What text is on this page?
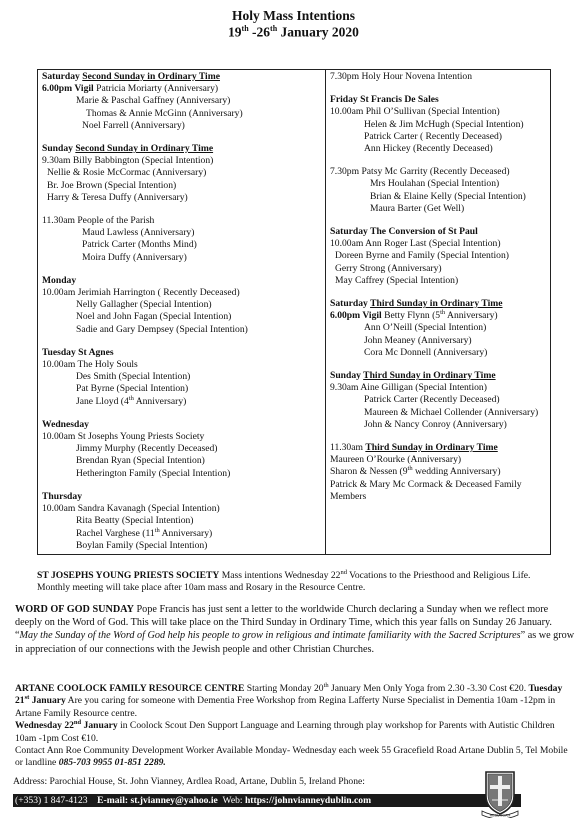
Holy Mass Intentions
19th -26th January 2020
Saturday Second Sunday in Ordinary Time
6.00pm Vigil Patricia Moriarty (Anniversary)
Marie & Paschal Gaffney (Anniversary)
Thomas & Annie McGinn (Anniversary)
Noel Farrell (Anniversary)
Sunday Second Sunday in Ordinary Time
9.30am Billy Babbington (Special Intention)
Nellie & Rosie McCormac (Anniversary)
Br. Joe Brown (Special Intention)
Harry & Teresa Duffy (Anniversary)
11.30am People of the Parish
Maud Lawless (Anniversary)
Patrick Carter (Months Mind)
Moira Duffy (Anniversary)
Monday
10.00am Jerimiah Harrington ( Recently Deceased)
Nelly Gallagher (Special Intention)
Noel and John Fagan (Special Intention)
Sadie and Gary Dempsey (Special Intention)
Tuesday St Agnes
10.00am The Holy Souls
Des Smith (Special Intention)
Pat Byrne (Special Intention)
Jane Lloyd (4th Anniversary)
Wednesday
10.00am St Josephs Young Priests Society
Jimmy Murphy (Recently Deceased)
Brendan Ryan (Special Intention)
Hetherington Family (Special Intention)
Thursday
10.00am Sandra Kavanagh (Special Intention)
Rita Beatty (Special Intention)
Rachel Varghese (11th Anniversary)
Boylan Family (Special Intention)
7.30pm Holy Hour Novena Intention
Friday St Francis De Sales
10.00am Phil O’Sullivan (Special Intention)
Helen & Jim McHugh (Special Intention)
Patrick Carter ( Recently Deceased)
Ann Hickey (Recently Deceased)
7.30pm Patsy Mc Garrity (Recently Deceased)
Mrs Houlahan (Special Intention)
Brian & Elaine Kelly (Special Intention)
Maura Barter (Get Well)
Saturday The Conversion of St Paul
10.00am Ann Roger Last (Special Intention)
Doreen Byrne and Family (Special Intention)
Gerry Strong (Anniversary)
May Caffrey (Special Intention)
Saturday Third Sunday in Ordinary Time
6.00pm Vigil Betty Flynn (5th Anniversary)
Ann O’Neill (Special Intention)
John Meaney (Anniversary)
Cora Mc Donnell (Anniversary)
Sunday Third Sunday in Ordinary Time
9.30am Aine Gilligan (Special Intention)
Patrick Carter (Recently Deceased)
Maureen & Michael Collender (Anniversary)
John & Nancy Conroy (Anniversary)
11.30am Third Sunday in Ordinary Time
Maureen O’Rourke (Anniversary)
Sharon & Nessen (9th wedding Anniversary)
Patrick & Mary Mc Cormack & Deceased Family
Members
ST JOSEPHS YOUNG PRIESTS SOCIETY Mass intentions Wednesday 22nd Vocations to the Priesthood and Religious Life. Monthly meeting will take place after 10am mass and Rosary in the Resource Centre.
WORD OF GOD SUNDAY Pope Francis has just sent a letter to the worldwide Church declaring a Sunday when we reflect more deeply on the Word of God. This will take place on the Third Sunday in Ordinary Time, which this year falls on Sunday 26 January. “May the Sunday of the Word of God help his people to grow in religious and intimate familiarity with the Sacred Scriptures” as we grow in appreciation of our connections with the Jewish people and other Christian Churches.
ARTANE COOLOCK FAMILY RESOURCE CENTRE Starting Monday 20th January Men Only Yoga from 2.30 -3.30 Cost €20. Tuesday 21st January Are you caring for someone with Dementia Free Workshop from Regina Lafferty Nurse Specialist in Dementia 10am -12pm in Artane Family Resource centre.
Wednesday 22nd January in Coolock Scout Den Support Language and Learning through play workshop for Parents with Autistic Children 10am -1pm Cost €10.
Contact Ann Roe Community Development Worker Available Monday- Wednesday each week 55 Gracefield Road Artane Dublin 5, Tel Mobile or landline 085-703 9955 01-851 2289.
Address: Parochial House, St. John Vianney, Ardlea Road, Artane, Dublin 5, Ireland Phone:
(+353) 1 847-4123 E-mail: st.jvianney@yahoo.ie Web: https://johnvianneydublin.com
RESURGAM
